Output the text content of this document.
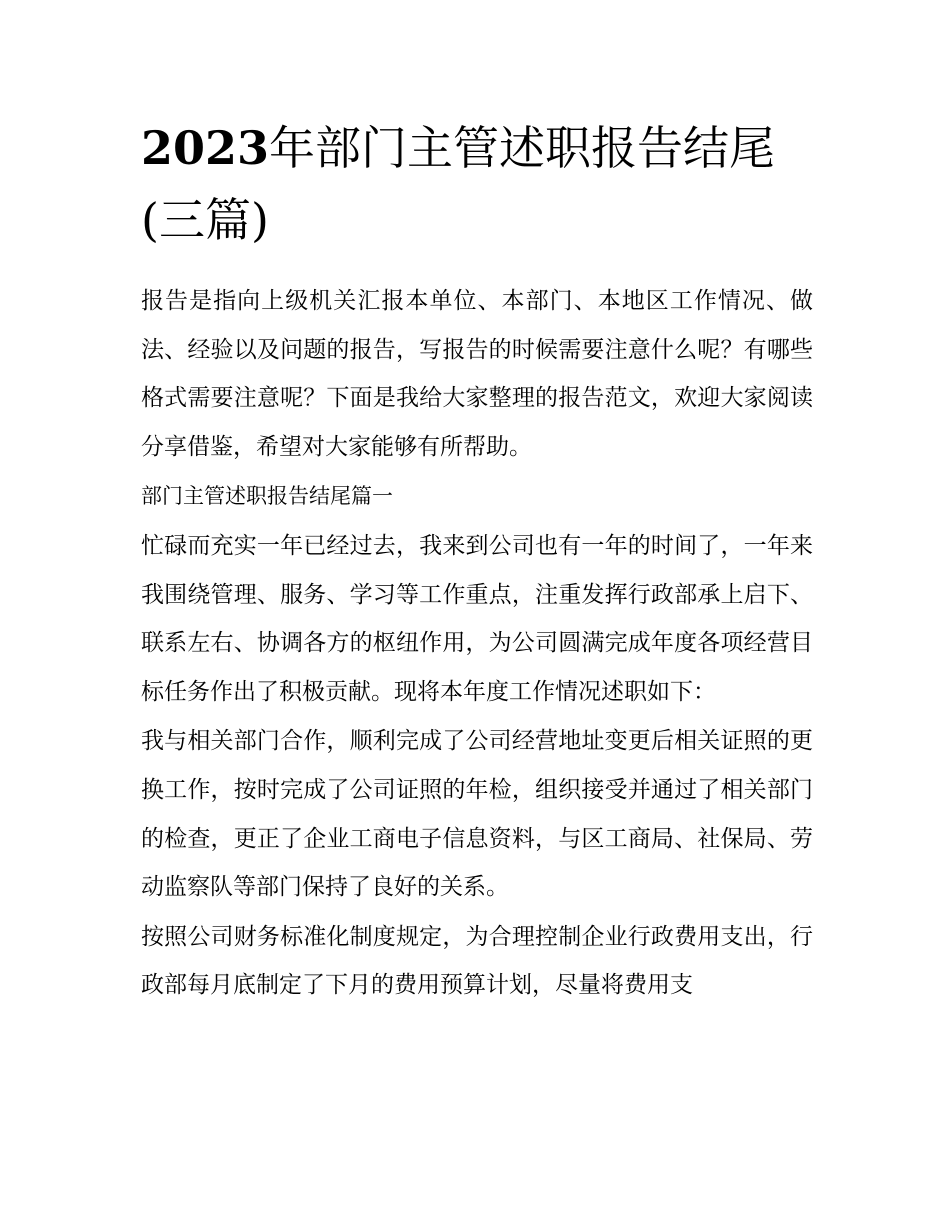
2023年部门主管述职报告结尾
(三篇)

报告是指向上级机关汇报本单位、本部门、本地区工作情况、做法、经验以及问题的报告，写报告的时候需要注意什么呢？有哪些格式需要注意呢？下面是我给大家整理的报告范文，欢迎大家阅读分享借鉴，希望对大家能够有所帮助。

部门主管述职报告结尾篇一

忙碌而充实一年已经过去，我来到公司也有一年的时间了，一年来我围绕管理、服务、学习等工作重点，注重发挥行政部承上启下、联系左右、协调各方的枢纽作用，为公司圆满完成年度各项经营目标任务作出了积极贡献。现将本年度工作情况述职如下：

我与相关部门合作，顺利完成了公司经营地址变更后相关证照的更换工作，按时完成了公司证照的年检，组织接受并通过了相关部门的检查，更正了企业工商电子信息资料，与区工商局、社保局、劳动监察队等部门保持了良好的关系。

按照公司财务标准化制度规定，为合理控制企业行政费用支出，行政部每月底制定了下月的费用预算计划，尽量将费用支
